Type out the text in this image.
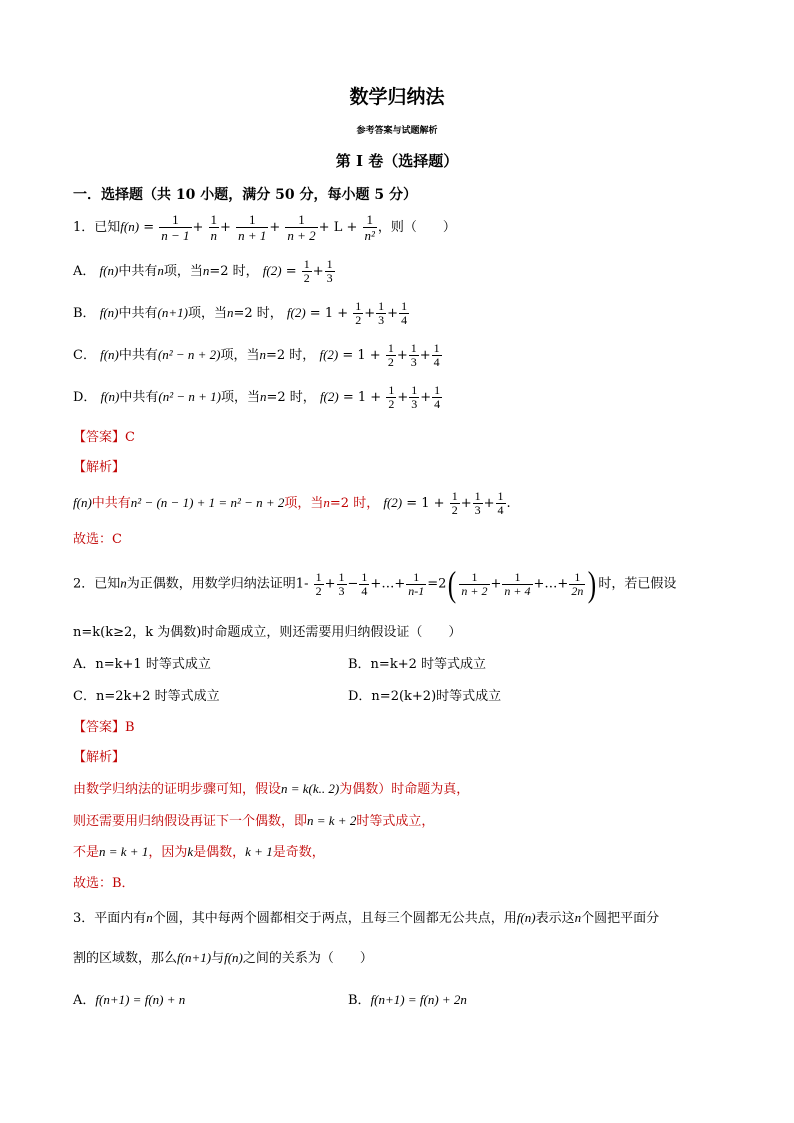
数学归纳法
参考答案与试题解析
第 I 卷（选择题）
一．选择题（共 10 小题，满分 50 分，每小题 5 分）
1．已知$f(n) = \frac{1}{n - 1} + \frac{1}{n} + \frac{1}{n + 1} + \frac{1}{n + 2} + L + \frac{1}{\text{n²}}$ ，则（　　）
A． f(n)中共有n项，当n=2 时， $f(2) = \frac{1}{2} + \frac{1}{3}$
B． f(n)中共有(n+1)项，当n=2 时， $f(2) = 1 + \frac{1}{2} + \frac{1}{3} + \frac{1}{4}$
C． f(n)中共有(n² − n + 2)项，当n=2 时， $f(2) = 1 + \frac{1}{2} + \frac{1}{3} + \frac{1}{4}$
D． f(n)中共有(n² − n + 1)项，当n=2 时， $f(2) = 1 + \frac{1}{2} + \frac{1}{3} + \frac{1}{4}$
【答案】C
【解析】
f(n)中共有n² − (n − 1) + 1 = n² − n + 2项，当n=2 时， $f(2) = 1 + \frac{1}{2} + \frac{1}{3} + \frac{1}{4}$ .
故选：C
2．已知n为正偶数，用数学归纳法证明$1- \frac{1}{2} + \frac{1}{3} - \frac{1}{4}$ +…+ $\frac{1}{n-1} =2( \frac{1}{n + 2} + \frac{1}{n + 4}$ +…+ $\frac{1}{2n}$ ) 时，若已假设
n=k(k≥2，k 为偶数)时命题成立，则还需要用归纳假设证（　　）
A．n=k+1 时等式成立	B．n=k+2 时等式成立
C．n=2k+2 时等式成立	D．n=2(k+2)时等式成立
【答案】B
【解析】
由数学归纳法的证明步骤可知，假设n = k(k.. 2)为偶数）时命题为真，
则还需要用归纳假设再证下一个偶数，即n = k + 2时等式成立，
不是n = k + 1，因为k是偶数，k + 1是奇数，
故选：B．
3．平面内有n个圆，其中每两个圆都相交于两点，且每三个圆都无公共点，用f(n)表示这n个圆把平面分
割的区域数，那么f(n+1)与f(n)之间的关系为（　　）
A．f(n+1) = f(n) + n	B．f(n+1) = f(n) + 2n
